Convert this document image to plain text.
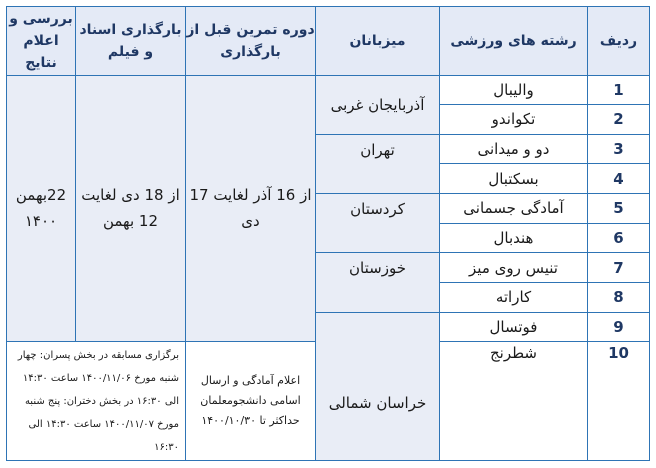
ردیف	رشته های ورزشی	میزبانان	دوره تمرین قبل از بارگذاری	بارگذاری اسناد و فیلم	بررسی و اعلام نتایج
1	والیبال	آذربایجان غربی	از 16 آذر لغایت 17 دی	از 18 دی لغایت 12 بهمن	22بهمن ۱۴۰۰
2	تکواندو				
3	دو و میدانی	تهران			
4	بسکتبال				
5	آمادگی جسمانی	کردستان			
6	هندبال				
7	تنیس روی میز	خوزستان			
8	کاراته				
9	فوتسال	خراسان شمالی			
10	شطرنج		اعلام آمادگی و ارسال اسامی دانشجومعلمان حداکثر تا ۱۴۰۰/۱۰/۳۰	برگزاری مسابقه در بخش پسران: چهار شنبه مورخ ۱۴۰۰/۱۱/۰۶ ساعت ۱۴:۳۰ الی ۱۶:۳۰ در بخش دختران: پنج شنبه مورخ ۱۴۰۰/۱۱/۰۷ ساعت ۱۴:۳۰ الی ۱۶:۳۰	
